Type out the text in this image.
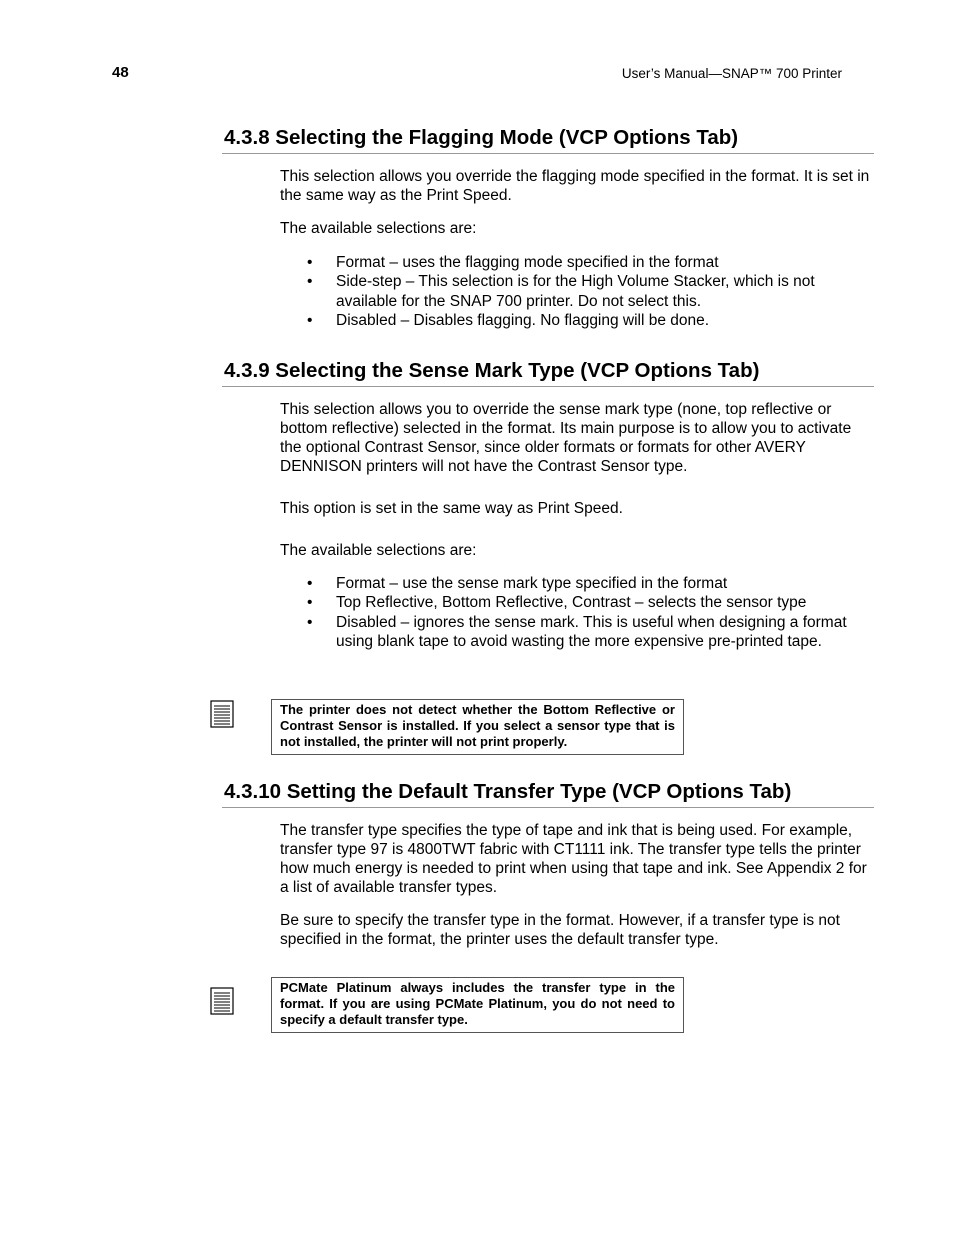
48	User’s Manual—SNAP™ 700 Printer
4.3.8 Selecting the Flagging Mode (VCP Options Tab)

This selection allows you override the flagging mode specified in the format. It is set in the same way as the Print Speed.

The available selections are:

• Format – uses the flagging mode specified in the format
• Side-step – This selection is for the High Volume Stacker, which is not available for the SNAP 700 printer. Do not select this.
• Disabled – Disables flagging. No flagging will be done.
4.3.9 Selecting the Sense Mark Type (VCP Options Tab)

This selection allows you to override the sense mark type (none, top reflective or bottom reflective) selected in the format. Its main purpose is to allow you to activate the optional Contrast Sensor, since older formats or formats for other AVERY DENNISON printers will not have the Contrast Sensor type.

This option is set in the same way as Print Speed.

The available selections are:

• Format – use the sense mark type specified in the format
• Top Reflective, Bottom Reflective, Contrast – selects the sensor type
• Disabled – ignores the sense mark. This is useful when designing a format using blank tape to avoid wasting the more expensive pre-printed tape.
The printer does not detect whether the Bottom Reflective or Contrast Sensor is installed. If you select a sensor type that is not installed, the printer will not print properly.
4.3.10 Setting the Default Transfer Type (VCP Options Tab)

The transfer type specifies the type of tape and ink that is being used. For example, transfer type 97 is 4800TWT fabric with CT1111 ink. The transfer type tells the printer how much energy is needed to print when using that tape and ink. See Appendix 2 for a list of available transfer types.

Be sure to specify the transfer type in the format. However, if a transfer type is not specified in the format, the printer uses the default transfer type.

PCMate Platinum always includes the transfer type in the format. If you are using PCMate Platinum, you do not need to specify a default transfer type.
